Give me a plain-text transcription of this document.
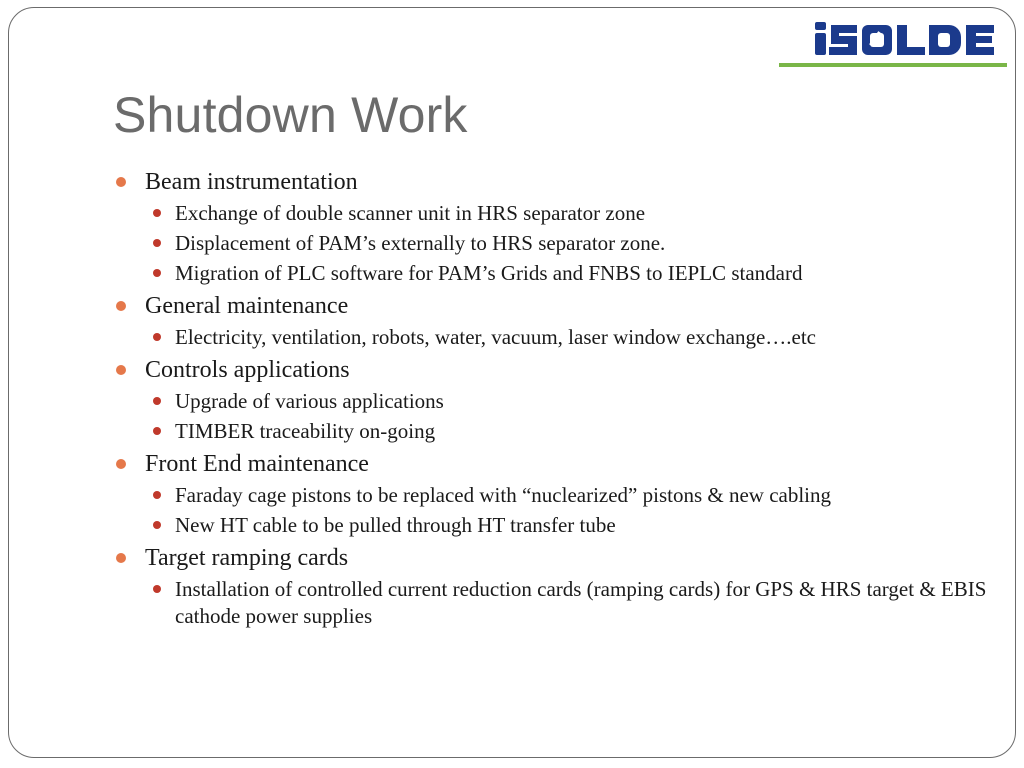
Shutdown Work
Beam instrumentation
Exchange of double scanner unit in HRS separator zone
Displacement of PAM’s externally to HRS separator zone.
Migration of PLC software for PAM’s Grids and FNBS to IEPLC standard
General maintenance
Electricity, ventilation, robots, water, vacuum, laser window exchange….etc
Controls applications
Upgrade of various applications
TIMBER traceability on-going
Front End maintenance
Faraday cage pistons to be replaced with “nuclearized” pistons & new cabling
New HT cable to be pulled through HT transfer tube
Target ramping cards
Installation of controlled current reduction cards (ramping cards) for GPS & HRS target & EBIS cathode power supplies
